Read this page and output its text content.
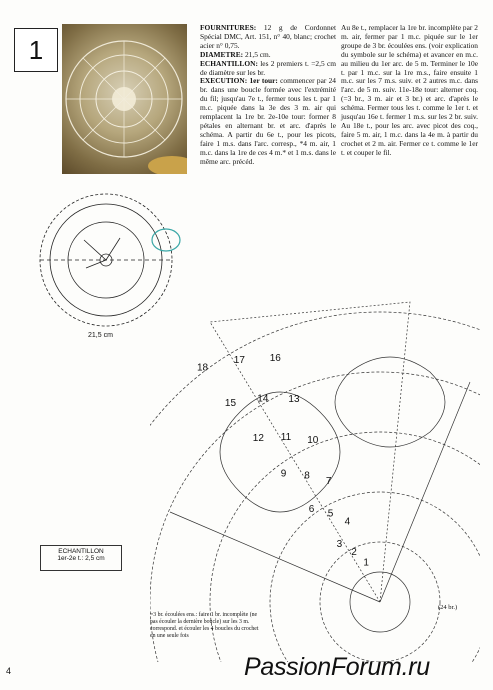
1

FOURNITURES: 12 g de Cordonnet Spécial DMC, Art. 151, n° 40, blanc; crochet acier n° 0,75.

DIAMETRE: 21,5 cm.

ECHANTILLON: les 2 premiers t. =2,5 cm de diamètre sur les br.

EXECUTION: 1er tour: commencer par 24 br. dans une boucle formée avec l'extrémité du fil; jusqu'au 7e t., fermer tous les t. par 1 m.c. piquée dans la 3e des 3 m. air qui remplacent la 1re br. 2e-10e tour: former 8 pétales en alternant br. et arc. d'après le schéma. A partir du 6e t., pour les picots, faire 1 m.s. dans l'arc. corresp., *4 m. air, 1 m.c. dans la 1re de ces 4 m.* et 1 m.s. dans le même arc. précéd.

Au 8e t., remplacer la 1re br. incomplète par 2 m. air, fermer par 1 m.c. piquée sur le 1er groupe de 3 br. écoulées ens. (voir explication du symbole sur le schéma) et avancer en m.c. au milieu du 1er arc. de 5 m. Terminer le 10e t. par 1 m.c. sur la 1re m.s., faire ensuite 1 m.c. sur les 7 m.s. suiv. et 2 autres m.c. dans l'arc. de 5 m. suiv. 11e-18e tour: alterner coq. (=3 br., 3 m. air et 3 br.) et arc. d'après le schéma. Fermer tous les t. comme le 1er t. et jusqu'au 16e t. fermer 1 m.s. sur les 2 br. suiv. Au 18e t., pour les arc. avec picot des coq., faire 5 m. air, 1 m.c. dans la 4e m. à partir du crochet et 2 m. air. Fermer ce t. comme le 1er t. et couper le fil.

21,5 cm
1
2
3
4
5
6
7
8
9
10
11
12
13
14
15
16
17
18
ECHANTILLON
1er-2e t.: 2,5 cm
=3 br. écoulées ens.: faire 1 br. incomplète (ne pas écouler la dernière boucle) sur les 3 m. correspond. et écouler les 4 boucles du crochet en une seule fois
(24 br.)
4	PassionForum.ru
